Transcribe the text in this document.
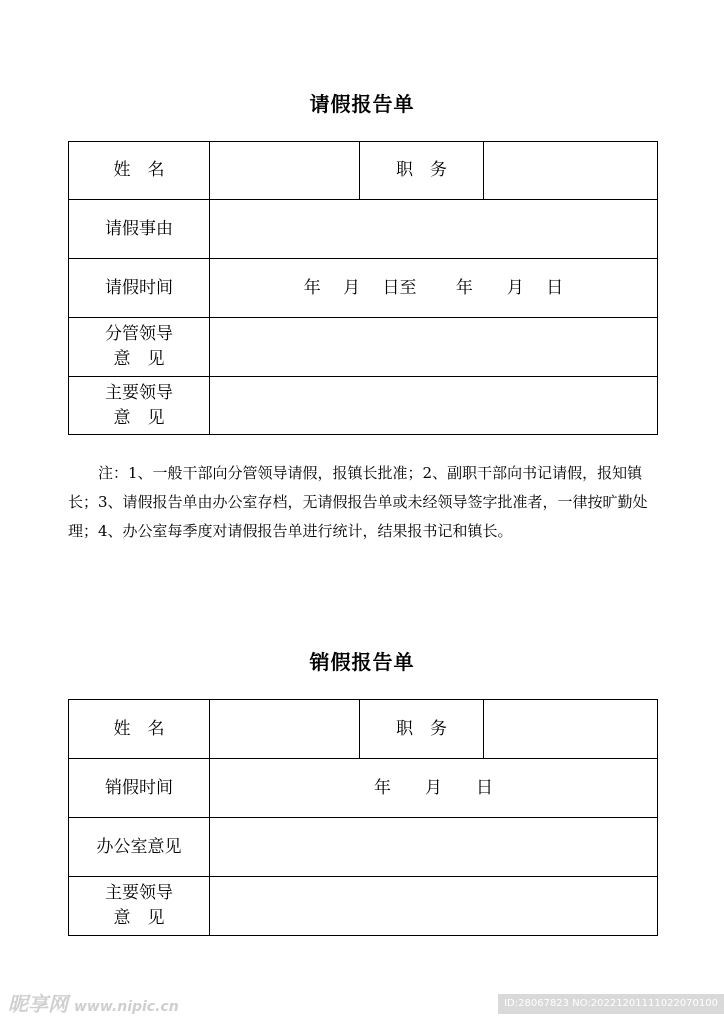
请假报告单
姓　名		职　务	
请假事由			
请假时间	年　 月　 日至　　 年　　月　 日		

分管领导
意　见			

主要领导
意　见			

注：1、一般干部向分管领导请假，报镇长批准；2、副职干部向书记请假，报知镇长；3、请假报告单由办公室存档，无请假报告单或未经领导签字批准者，一律按旷勤处理；4、办公室每季度对请假报告单进行统计，结果报书记和镇长。
销假报告单
姓　名		职　务	
销假时间	年　　月　　日		
办公室意见			

主要领导
意　见			

昵享网 www.nipic.cn	ID:28067823 NO:20221201111022070100
